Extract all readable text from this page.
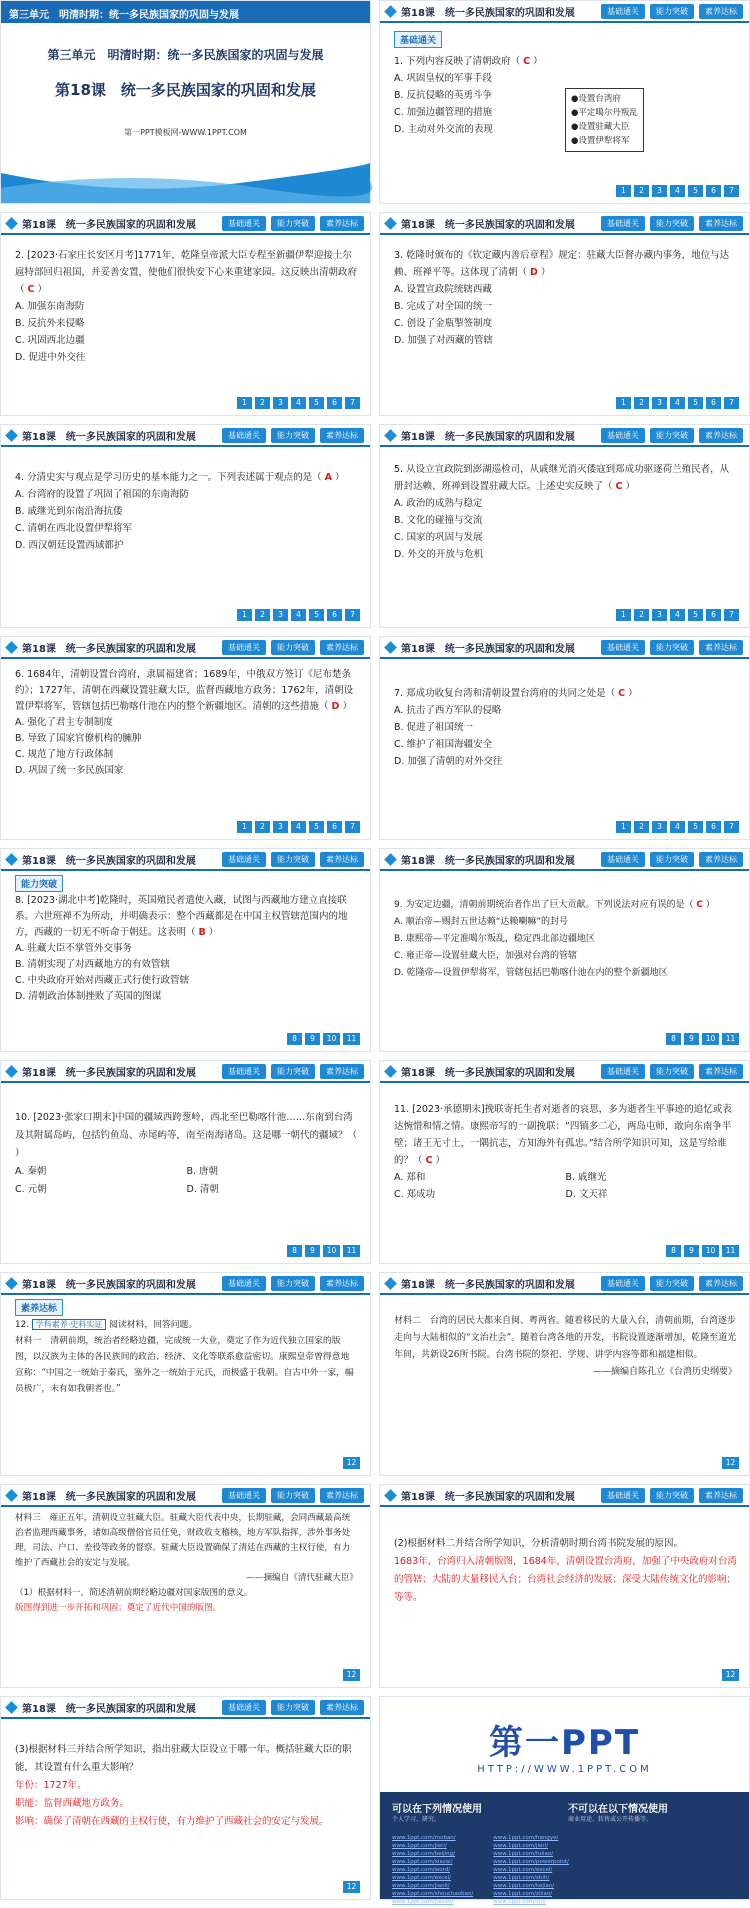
第三单元　明清时期：统一多民族国家的巩固与发展
第三单元　明清时期：统一多民族国家的巩固与发展
第18课　统一多民族国家的巩固和发展
第一PPT模板网-WWW.1PPT.COM
第18课　统一多民族国家的巩固和发展	基础通关	能力突破	素养达标
基础通关
1. 下列内容反映了清朝政府（ C ）
A. 巩固皇权的军事手段
B. 反抗侵略的英勇斗争
C. 加强边疆管理的措施
D. 主动对外交流的表现
●设置台湾府
●平定噶尔丹叛乱
●设置驻藏大臣
●设置伊犁将军
1	2	3	4	5	6	7
第18课　统一多民族国家的巩固和发展	基础通关	能力突破	素养达标
2. [2023·石家庄长安区月考]1771年，乾隆皇帝派大臣专程至新疆伊犁迎接土尔扈特部回归祖国，并妥善安置，使他们很快安下心来重建家园。这反映出清朝政府（ C ）
A. 加强东南海防
B. 反抗外来侵略
C. 巩固西北边疆
D. 促进中外交往
1	2	3	4	5	6	7
第18课　统一多民族国家的巩固和发展	基础通关	能力突破	素养达标
3. 乾隆时颁布的《钦定藏内善后章程》规定：驻藏大臣督办藏内事务，地位与达赖、班禅平等。这体现了清朝（ D ）
A. 设置宣政院统辖西藏
B. 完成了对全国的统一
C. 创设了金瓶掣签制度
D. 加强了对西藏的管辖
1	2	3	4	5	6	7
第18课　统一多民族国家的巩固和发展	基础通关	能力突破	素养达标
4. 分清史实与观点是学习历史的基本能力之一。下列表述属于观点的是（ A ）
A. 台湾府的设置了巩固了祖国的东南海防
B. 戚继光到东南沿海抗倭
C. 清朝在西北设置伊犁将军
D. 西汉朝廷设置西域都护
1	2	3	4	5	6	7
第18课　统一多民族国家的巩固和发展	基础通关	能力突破	素养达标
5. 从设立宣政院到澎湖巡检司，从戚继光消灭倭寇到郑成功驱逐荷兰殖民者，从册封达赖、班禅到设置驻藏大臣。上述史实反映了（ C ）
A. 政治的成熟与稳定
B. 文化的碰撞与交流
C. 国家的巩固与发展
D. 外交的开放与危机
1	2	3	4	5	6	7
第18课　统一多民族国家的巩固和发展	基础通关	能力突破	素养达标
6. 1684年，清朝设置台湾府，隶属福建省；1689年，中俄双方签订《尼布楚条约》；1727年，清朝在西藏设置驻藏大臣，监督西藏地方政务；1762年，清朝设置伊犁将军，管辖包括巴勒喀什池在内的整个新疆地区。清朝的这些措施（ D ）
A. 强化了君主专制制度
B. 导致了国家官僚机构的臃肿
C. 规范了地方行政体制
D. 巩固了统一多民族国家
1	2	3	4	5	6	7
第18课　统一多民族国家的巩固和发展	基础通关	能力突破	素养达标
7. 郑成功收复台湾和清朝设置台湾府的共同之处是（ C ）
A. 抗击了西方军队的侵略
B. 促进了祖国统一
C. 维护了祖国海疆安全
D. 加强了清朝的对外交往
1	2	3	4	5	6	7
第18课　统一多民族国家的巩固和发展	基础通关	能力突破	素养达标
能力突破
8. [2023·湖北中考]乾隆时，英国殖民者遣使入藏，试图与西藏地方建立直接联系。六世班禅不为所动，并明确表示：整个西藏都是在中国主权管辖范围内的地方，西藏的一切无不听命于朝廷。这表明（ B ）
A. 驻藏大臣不掌管外交事务
B. 清朝实现了对西藏地方的有效管辖
C. 中央政府开始对西藏正式行使行政管辖
D. 清朝政治体制挫败了英国的图谋
8	9	10	11
第18课　统一多民族国家的巩固和发展	基础通关	能力突破	素养达标
9. 为安定边疆，清朝前期统治者作出了巨大贡献。下列说法对应有误的是（ C ）
A. 顺治帝—赐封五世达赖“达赖喇嘛”的封号
B. 康熙帝—平定准噶尔叛乱，稳定西北部边疆地区
C. 雍正帝—设置驻藏大臣，加强对台湾的管辖
D. 乾隆帝—设置伊犁将军，管辖包括巴勒喀什池在内的整个新疆地区
8	9	10	11
第18课　统一多民族国家的巩固和发展	基础通关	能力突破	素养达标
10. [2023·张家口期末]中国的疆域西跨葱岭，西北至巴勒喀什池……东南到台湾及其附属岛屿，包括钓鱼岛、赤尾屿等，南至南海诸岛。这是哪一朝代的疆域？（ ）
A. 秦朝	B. 唐朝
C. 元朝	D. 清朝
8	9	10	11
第18课　统一多民族国家的巩固和发展	基础通关	能力突破	素养达标
11. [2023·承德期末]挽联寄托生者对逝者的哀思，多为逝者生平事迹的追忆或表达惋惜和情之情。康熙帝写的一副挽联：“四镇多二心，两岛屯师，敢向东南争半壁；诸王无寸土，一隅抗志，方知海外有孤忠。”结合所学知识可知，这是写给谁的？（ C ）
A. 郑和	B. 戚继光
C. 郑成功	D. 文天祥
8	9	10	11
第18课　统一多民族国家的巩固和发展	基础通关	能力突破	素养达标
素养达标
12. 学科素养·史料实证 阅读材料，回答问题。
材料一　清朝前期，统治者经略边疆，完成统一大业，奠定了作为近代独立国家的版图，以汉族为主体的各民族间的政治、经济、文化等联系愈益密切。康熙皇帝曾得意地宣称：“中国之一统始于秦氏，塞外之一统始于元氏，而极盛于我朝。自古中外一家，幅员极广，未有如我朝者也。”
12
第18课　统一多民族国家的巩固和发展	基础通关	能力突破	素养达标
材料二　台湾的居民大都来自闽、粤两省。随着移民的大量入台，清朝前期，台湾逐步走向与大陆相似的“文治社会”。随着台湾各地的开发，书院设置逐渐增加，乾隆至道光年间，共新设26所书院。台湾书院的祭祀、学规、讲学内容等都和福建相似。
——摘编自陈孔立《台湾历史纲要》
12
第18课　统一多民族国家的巩固和发展	基础通关	能力突破	素养达标
材料三　雍正五年，清朝设立驻藏大臣。驻藏大臣代表中央，长期驻藏，会同西藏最高统治者监理西藏事务，诸如高级僧俗官员任免，财政收支稽核，地方军队指挥，涉外事务处理，司法、户口、差役等政务的督察。驻藏大臣设置确保了清廷在西藏的主权行使，有力维护了西藏社会的安定与发展。
——摘编自《清代驻藏大臣》
（1）根据材料一，简述清朝前期经略边疆对国家版图的意义。
版图得到进一步开拓和巩固；奠定了近代中国的版图。
12
第18课　统一多民族国家的巩固和发展	基础通关	能力突破	素养达标
(2)根据材料二并结合所学知识，分析清朝时期台湾书院发展的原因。
1683年，台湾归入清朝版图，1684年，清朝设置台湾府，加强了中央政府对台湾的管辖；大陆的大量移民入台；台湾社会经济的发展；深受大陆传统文化的影响；等等。
12
第18课　统一多民族国家的巩固和发展	基础通关	能力突破	素养达标
(3)根据材料三并结合所学知识，指出驻藏大臣设立于哪一年。概括驻藏大臣的职能，其设置有什么重大影响？
年份：1727年。
职能：监督西藏地方政务。
影响：确保了清朝在西藏的主权行使，有力维护了西藏社会的安定与发展。
12
第一PPT
HTTP://WWW.1PPT.COM
可以在下列情况使用
个人学习、研究。
不可以在以下情况使用
商业用途、转售或公开传播等。
www.1ppt.com/moban/
www.1ppt.com/jieri/
www.1ppt.com/beijing/
www.1ppt.com/xiazai/
www.1ppt.com/word/
www.1ppt.com/excel/
www.1ppt.com/jianli/
www.1ppt.com/shouchaobao/
www.1ppt.com/jiaoan/
www.1ppt.com/hangye/
www.1ppt.com/jieri/
www.1ppt.com/fuliao/
www.1ppt.com/powerpoint/
www.1ppt.com/excel/
www.1ppt.com/shiti/
www.1ppt.com/kejian/
www.1ppt.com/ziliao/
www.1ppt.com/shi/
